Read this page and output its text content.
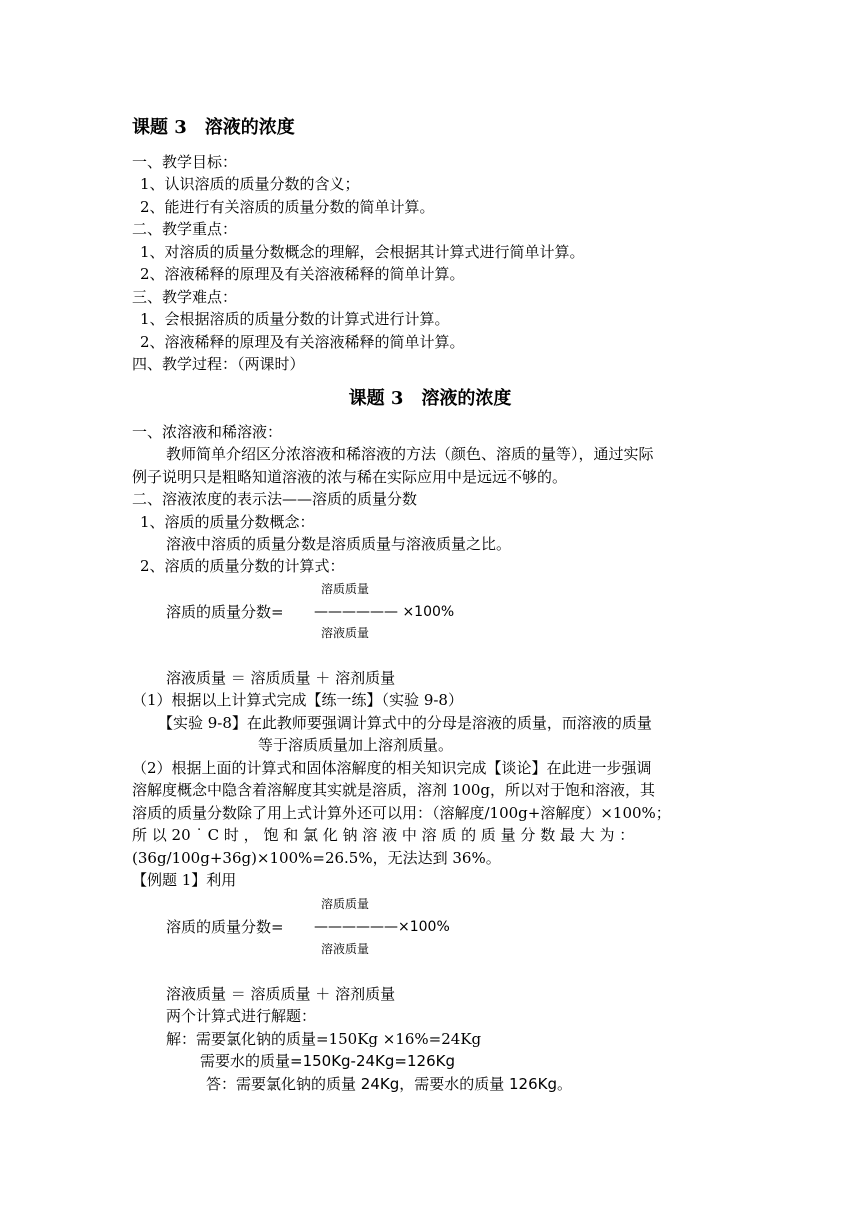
课题 3　溶液的浓度
一、教学目标：
1、认识溶质的质量分数的含义；
2、能进行有关溶质的质量分数的简单计算。
二、教学重点：
1、对溶质的质量分数概念的理解，会根据其计算式进行简单计算。
2、溶液稀释的原理及有关溶液稀释的简单计算。
三、教学难点：
1、会根据溶质的质量分数的计算式进行计算。
2、溶液稀释的原理及有关溶液稀释的简单计算。
四、教学过程：（两课时）
课题 3　溶液的浓度
一、浓溶液和稀溶液：
教师简单介绍区分浓溶液和稀溶液的方法（颜色、溶质的量等），通过实际
例子说明只是粗略知道溶液的浓与稀在实际应用中是远远不够的。
二、溶液浓度的表示法——溶质的质量分数
1、溶质的质量分数概念：
溶液中溶质的质量分数是溶质质量与溶液质量之比。
2、溶质的质量分数的计算式：
溶质质量
溶质的质量分数= —————— ×100%
溶液质量
溶液质量 ＝ 溶质质量 ＋ 溶剂质量
（1）根据以上计算式完成【练一练】（实验 9-8）
【实验 9-8】在此教师要强调计算式中的分母是溶液的质量，而溶液的质量
等于溶质质量加上溶剂质量。
（2）根据上面的计算式和固体溶解度的相关知识完成【谈论】在此进一步强调
溶解度概念中隐含着溶解度其实就是溶质，溶剂 100g，所以对于饱和溶液，其
溶质的质量分数除了用上式计算外还可以用：（溶解度/100g+溶解度）×100%；
所 以 20 ˙ C 时 ， 饱 和 氯 化 钠 溶 液 中 溶 质 的 质 量 分 数 最 大 为 ：
(36g/100g+36g)×100%=26.5%，无法达到 36%。
【例题 1】利用
溶质质量
溶质的质量分数= ——————×100%
溶液质量
溶液质量 ＝ 溶质质量 ＋ 溶剂质量
两个计算式进行解题：
解：需要氯化钠的质量=150Kg ×16%=24Kg
需要水的质量=150Kg-24Kg=126Kg
答：需要氯化钠的质量 24Kg，需要水的质量 126Kg。
